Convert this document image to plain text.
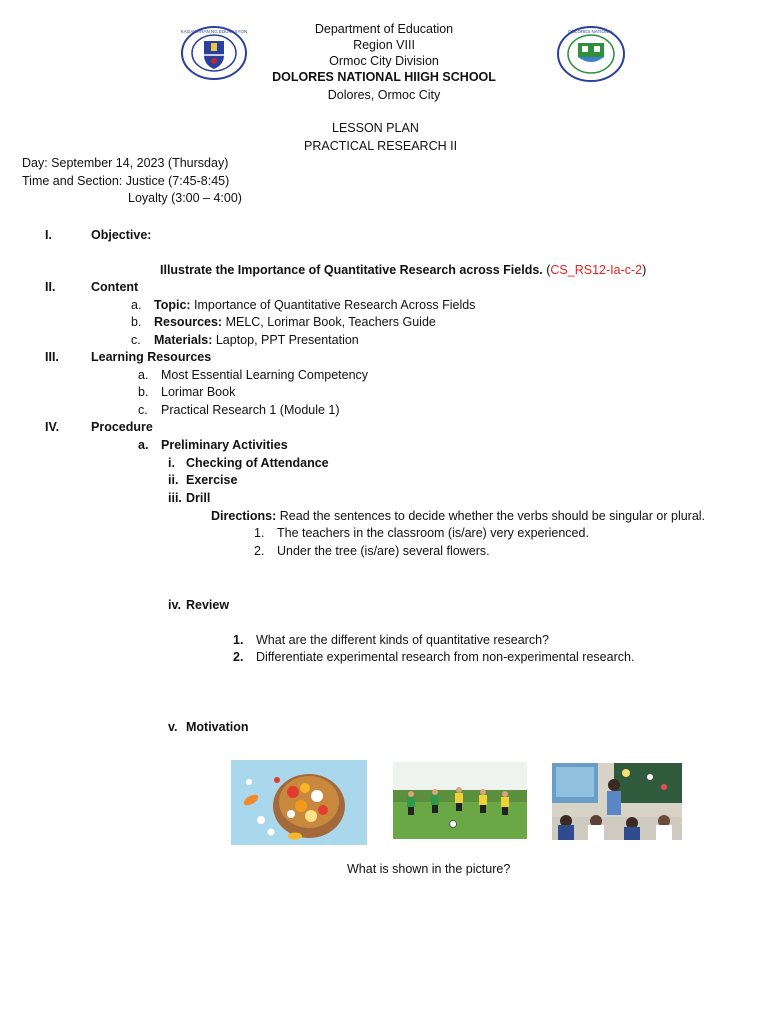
KAGAWARAN NG EDUKASYON	DOLORES NATIONAL
Department of Education
Region VIII
Ormoc City Division
DOLORES NATIONAL HIIGH SCHOOL
Dolores, Ormoc City
LESSON PLAN
PRACTICAL RESEARCH II
Day: September 14, 2023 (Thursday)
Time and Section: Justice (7:45-8:45)
Loyalty (3:00 – 4:00)
I.	Objective:
Illustrate the Importance of Quantitative Research across Fields. (CS_RS12-Ia-c-2)
II.	Content
a. Topic: Importance of Quantitative Research Across Fields
b. Resources: MELC, Lorimar Book, Teachers Guide
c. Materials: Laptop, PPT Presentation
III.	Learning Resources
a. Most Essential Learning Competency
b. Lorimar Book
c. Practical Research 1 (Module 1)
IV.	Procedure
a. Preliminary Activities
i. Checking of Attendance
ii. Exercise
iii. Drill
Directions: Read the sentences to decide whether the verbs should be singular or plural.
1. The teachers in the classroom (is/are) very experienced.
2. Under the tree (is/are) several flowers.
iv. Review
1. What are the different kinds of quantitative research?
2. Differentiate experimental research from non-experimental research.
v. Motivation
What is shown in the picture?
